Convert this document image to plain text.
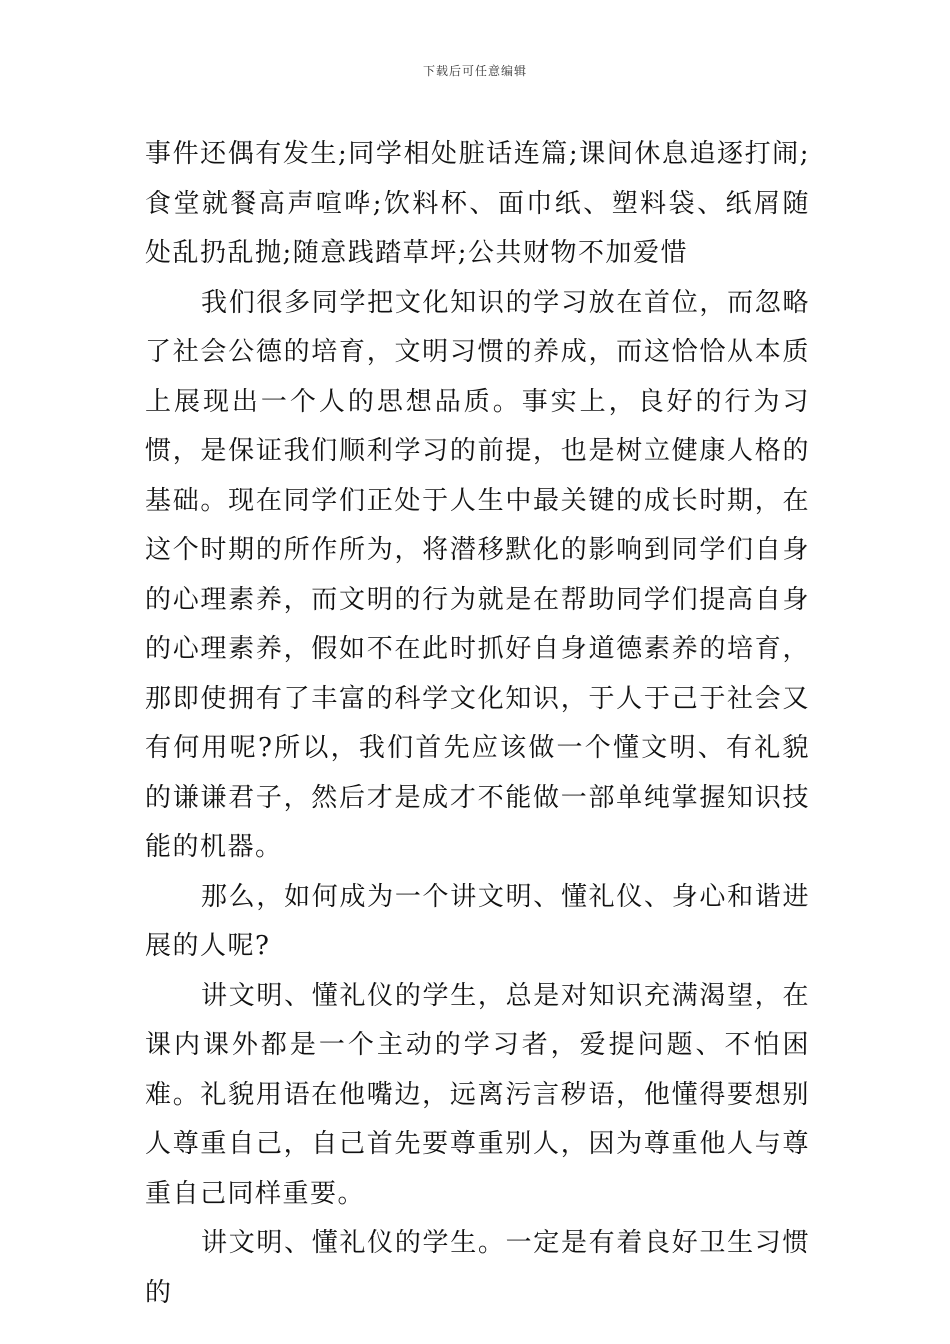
下载后可任意编辑

事件还偶有发生;同学相处脏话连篇;课间休息追逐打闹;食堂就餐高声喧哗;饮料杯、面巾纸、塑料袋、纸屑随处乱扔乱抛;随意践踏草坪;公共财物不加爱惜

我们很多同学把文化知识的学习放在首位，而忽略了社会公德的培育，文明习惯的养成，而这恰恰从本质上展现出一个人的思想品质。事实上，良好的行为习惯，是保证我们顺利学习的前提，也是树立健康人格的基础。现在同学们正处于人生中最关键的成长时期，在这个时期的所作所为，将潜移默化的影响到同学们自身的心理素养，而文明的行为就是在帮助同学们提高自身的心理素养，假如不在此时抓好自身道德素养的培育，那即使拥有了丰富的科学文化知识，于人于己于社会又有何用呢?所以，我们首先应该做一个懂文明、有礼貌的谦谦君子，然后才是成才不能做一部单纯掌握知识技能的机器。

那么，如何成为一个讲文明、懂礼仪、身心和谐进展的人呢?

讲文明、懂礼仪的学生，总是对知识充满渴望，在课内课外都是一个主动的学习者，爱提问题、不怕困难。礼貌用语在他嘴边，远离污言秽语，他懂得要想别人尊重自己，自己首先要尊重别人，因为尊重他人与尊重自己同样重要。

讲文明、懂礼仪的学生。一定是有着良好卫生习惯的
